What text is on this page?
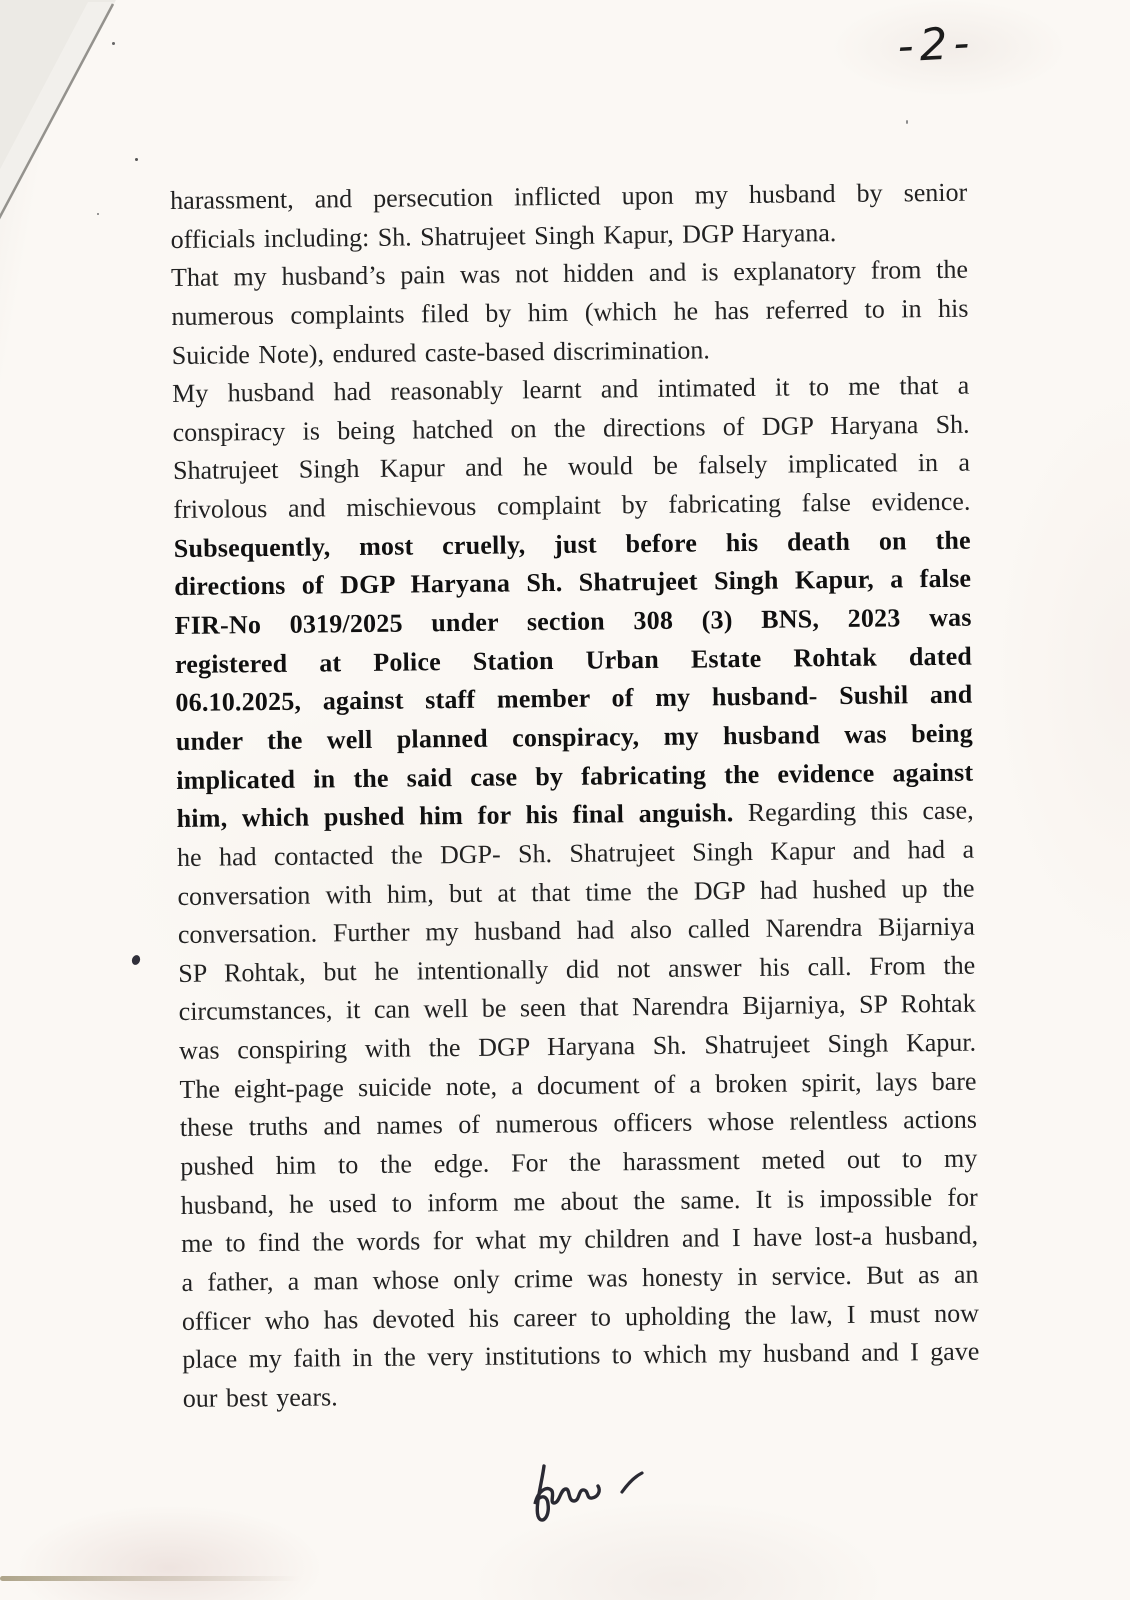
-2-
harassment, and persecution inflicted upon my husband by senior
officials including: Sh. Shatrujeet Singh Kapur, DGP Haryana.
That my husband’s pain was not hidden and is explanatory from the
numerous complaints filed by him (which he has referred to in his
Suicide Note), endured caste-based discrimination.
My husband had reasonably learnt and intimated it to me that a
conspiracy is being hatched on the directions of DGP Haryana Sh.
Shatrujeet Singh Kapur and he would be falsely implicated in a
frivolous and mischievous complaint by fabricating false evidence.
Subsequently, most cruelly, just before his death on the
directions of DGP Haryana Sh. Shatrujeet Singh Kapur, a false
FIR-No 0319/2025 under section 308 (3) BNS, 2023 was
registered at Police Station Urban Estate Rohtak dated
06.10.2025, against staff member of my husband- Sushil and
under the well planned conspiracy, my husband was being
implicated in the said case by fabricating the evidence against
him, which pushed him for his final anguish. Regarding this case,
he had contacted the DGP- Sh. Shatrujeet Singh Kapur and had a
conversation with him, but at that time the DGP had hushed up the
conversation. Further my husband had also called Narendra Bijarniya
SP Rohtak, but he intentionally did not answer his call. From the
circumstances, it can well be seen that Narendra Bijarniya, SP Rohtak
was conspiring with the DGP Haryana Sh. Shatrujeet Singh Kapur.
The eight-page suicide note, a document of a broken spirit, lays bare
these truths and names of numerous officers whose relentless actions
pushed him to the edge. For the harassment meted out to my
husband, he used to inform me about the same. It is impossible for
me to find the words for what my children and I have lost-a husband,
a father, a man whose only crime was honesty in service. But as an
officer who has devoted his career to upholding the law, I must now
place my faith in the very institutions to which my husband and I gave
our best years.
